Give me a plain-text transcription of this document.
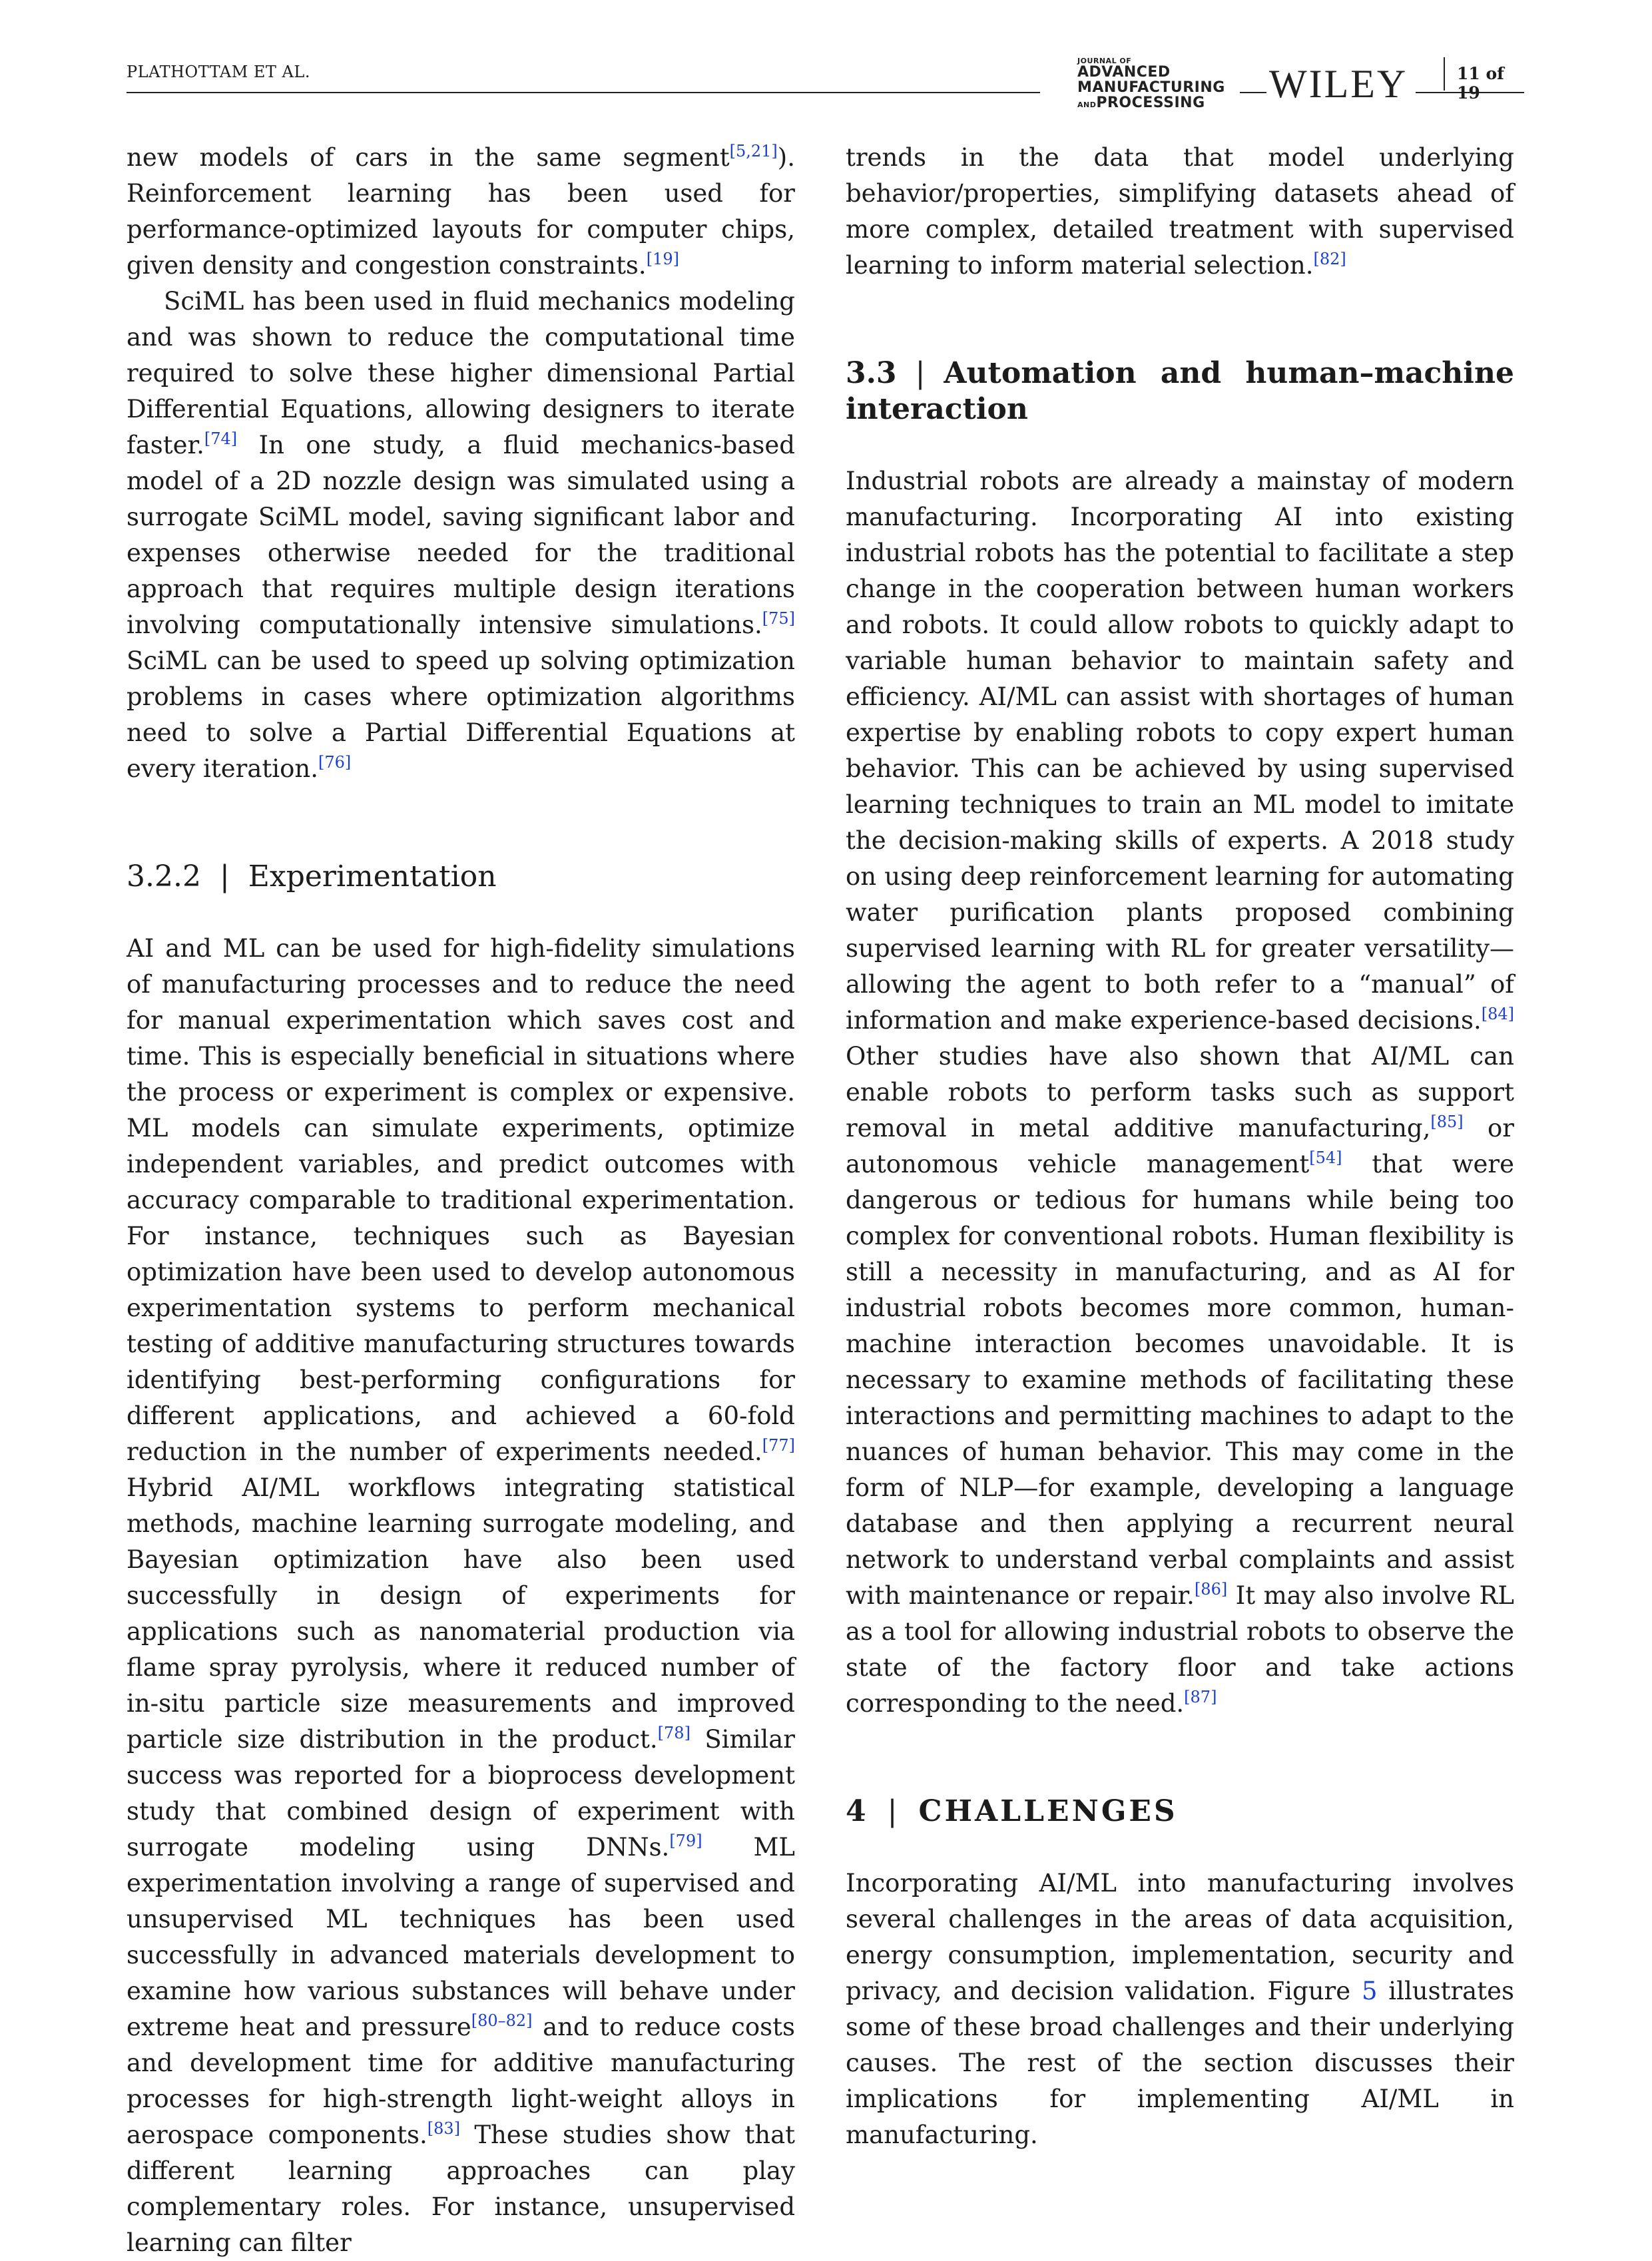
PLATHOTTAM ET AL.
JOURNAL OF
ADVANCED
MANUFACTURING
ANDPROCESSING	WILEY	11 of 19

new models of cars in the same segment[5,21]). Reinforcement learning has been used for performance-optimized layouts for computer chips, given density and congestion constraints.[19]

SciML has been used in fluid mechanics modeling and was shown to reduce the computational time required to solve these higher dimensional Partial Differential Equations, allowing designers to iterate faster.[74] In one study, a fluid mechanics-based model of a 2D nozzle design was simulated using a surrogate SciML model, saving significant labor and expenses otherwise needed for the traditional approach that requires multiple design iterations involving computationally intensive simulations.[75] SciML can be used to speed up solving optimization problems in cases where optimization algorithms need to solve a Partial Differential Equations at every iteration.[76]

3.2.2 | Experimentation

AI and ML can be used for high-fidelity simulations of manufacturing processes and to reduce the need for manual experimentation which saves cost and time. This is especially beneficial in situations where the process or experiment is complex or expensive. ML models can simulate experiments, optimize independent variables, and predict outcomes with accuracy comparable to traditional experimentation. For instance, techniques such as Bayesian optimization have been used to develop autonomous experimentation systems to perform mechanical testing of additive manufacturing structures towards identifying best-performing configurations for different applications, and achieved a 60-fold reduction in the number of experiments needed.[77] Hybrid AI/ML workflows integrating statistical methods, machine learning surrogate modeling, and Bayesian optimization have also been used successfully in design of experiments for applications such as nanomaterial production via flame spray pyrolysis, where it reduced number of in-situ particle size measurements and improved particle size distribution in the product.[78] Similar success was reported for a bioprocess development study that combined design of experiment with surrogate modeling using DNNs.[79] ML experimentation involving a range of supervised and unsupervised ML techniques has been used successfully in advanced materials development to examine how various substances will behave under extreme heat and pressure[80–82] and to reduce costs and development time for additive manufacturing processes for high-strength light-weight alloys in aerospace components.[83] These studies show that different learning approaches can play complementary roles. For instance, unsupervised learning can filter

trends in the data that model underlying behavior/properties, simplifying datasets ahead of more complex, detailed treatment with supervised learning to inform material selection.[82]

3.3 | Automation and human–machine interaction

Industrial robots are already a mainstay of modern manufacturing. Incorporating AI into existing industrial robots has the potential to facilitate a step change in the cooperation between human workers and robots. It could allow robots to quickly adapt to variable human behavior to maintain safety and efficiency. AI/ML can assist with shortages of human expertise by enabling robots to copy expert human behavior. This can be achieved by using supervised learning techniques to train an ML model to imitate the decision-making skills of experts. A 2018 study on using deep reinforcement learning for automating water purification plants proposed combining supervised learning with RL for greater versatility—allowing the agent to both refer to a “manual” of information and make experience-based decisions.[84] Other studies have also shown that AI/ML can enable robots to perform tasks such as support removal in metal additive manufacturing,[85] or autonomous vehicle management[54] that were dangerous or tedious for humans while being too complex for conventional robots. Human flexibility is still a necessity in manufacturing, and as AI for industrial robots becomes more common, human-machine interaction becomes unavoidable. It is necessary to examine methods of facilitating these interactions and permitting machines to adapt to the nuances of human behavior. This may come in the form of NLP—for example, developing a language database and then applying a recurrent neural network to understand verbal complaints and assist with maintenance or repair.[86] It may also involve RL as a tool for allowing industrial robots to observe the state of the factory floor and take actions corresponding to the need.[87]

4 | CHALLENGES

Incorporating AI/ML into manufacturing involves several challenges in the areas of data acquisition, energy consumption, implementation, security and privacy, and decision validation. Figure 5 illustrates some of these broad challenges and their underlying causes. The rest of the section discusses their implications for implementing AI/ML in manufacturing.
